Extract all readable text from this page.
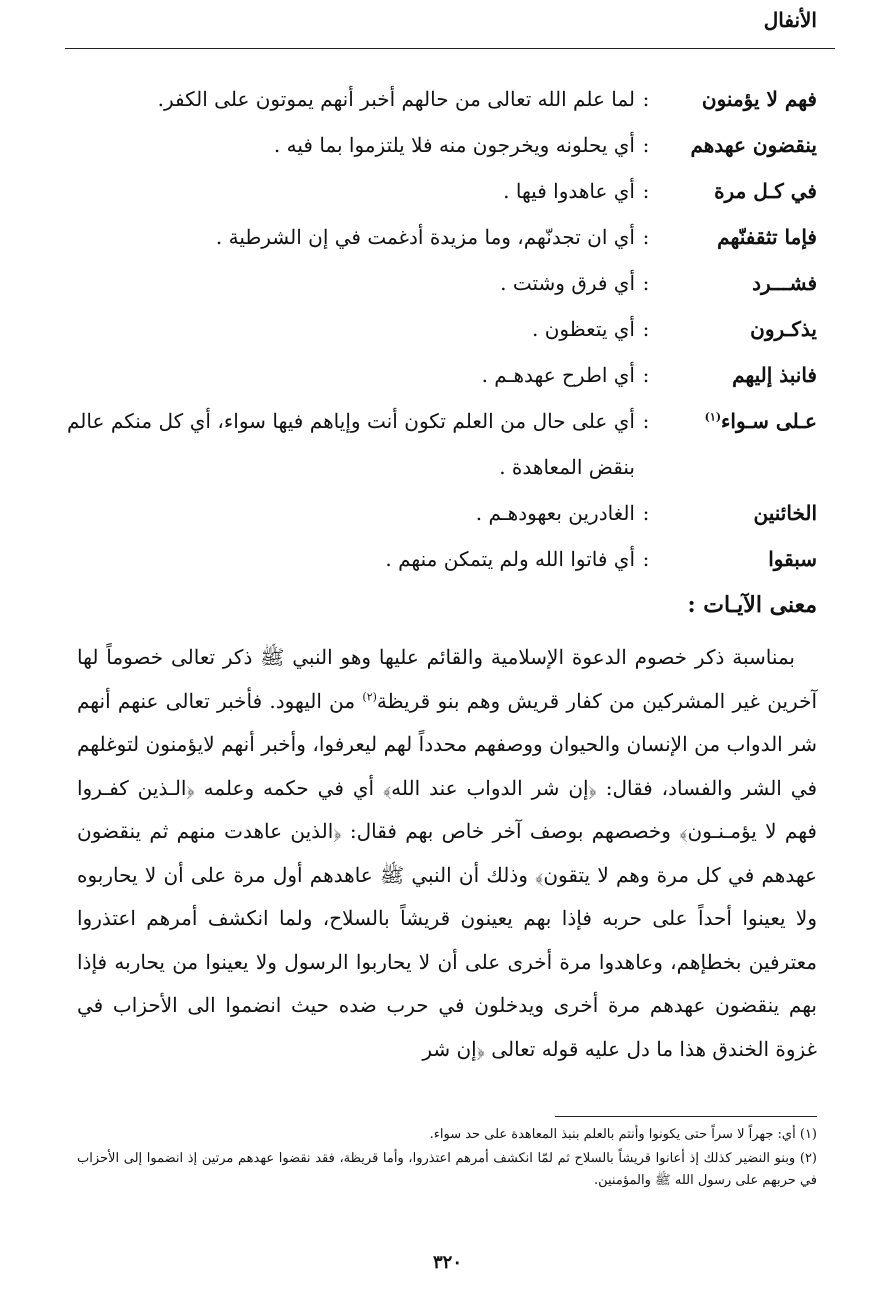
الأنفال
فهم لا يؤمنون
:
لما علم الله تعالى من حالهم أخبر أنهم يموتون على الكفر.
ينقضون عهدهم
:
أي يحلونه ويخرجون منه فلا يلتزموا بما فيه .
في كـل مرة
:
أي عاهدوا فيها .
فإما تثقفنّهم
:
أي ان تجدنّهم، وما مزيدة أدغمت في إن الشرطية .
فشـــرد
:
أي فرق وشتت .
يذكـرون
:
أي يتعظون .
فانبذ إليهم
:
أي اطرح عهدهـم .
عـلى سـواء$^{(١)}$
:
أي على حال من العلم تكون أنت وإياهم فيها سواء، أي كل منكم عالم بنقض المعاهدة .
الخائنين
:
الغادرين بعهودهـم .
سبقوا
:
أي فاتوا الله ولم يتمكن منهم .
معنى الآيـات :

بمناسبة ذكر خصوم الدعوة الإسلامية والقائم عليها وهو النبي ﷺ ذكر تعالى خصوماً لها آخرين غير المشركين من كفار قريش وهم بنو قريظة$^{(٢)}$ من اليهود. فأخبر تعالى عنهم أنهم شر الدواب من الإنسان والحيوان ووصفهم محدداً لهم ليعرفوا، وأخبر أنهم لايؤمنون لتوغلهم في الشر والفساد، فقال: ﴿إن شر الدواب عند الله﴾ أي في حكمه وعلمه ﴿الـذين كفـروا فهم لا يؤمـنـون﴾ وخصصهم بوصف آخر خاص بهم فقال: ﴿الذين عاهدت منهم ثم ينقضون عهدهم في كل مرة وهم لا يتقون﴾ وذلك أن النبي ﷺ عاهدهم أول مرة على أن لا يحاربوه ولا يعينوا أحداً على حربه فإذا بهم يعينون قريشاً بالسلاح، ولما انكشف أمرهم اعتذروا معترفين بخطإهم، وعاهدوا مرة أخرى على أن لا يحاربوا الرسول ولا يعينوا من يحاربه فإذا بهم ينقضون عهدهم مرة أخرى ويدخلون في حرب ضده حيث انضموا الى الأحزاب في غزوة الخندق هذا ما دل عليه قوله تعالى ﴿إن شر

(١) أي: جهراً لا سراً حتى يكونوا وأنتم بالعلم بنبذ المعاهدة على حد سواء.

(٢) وبنو النضير كذلك إذ أعانوا قريشاً بالسلاح ثم لمّا انكشف أمرهم اعتذروا، وأما قريظة، فقد نقضوا عهدهم مرتين إذ انضموا إلى الأحزاب في حربهم على رسول الله ﷺ والمؤمنين.

٣٢٠
